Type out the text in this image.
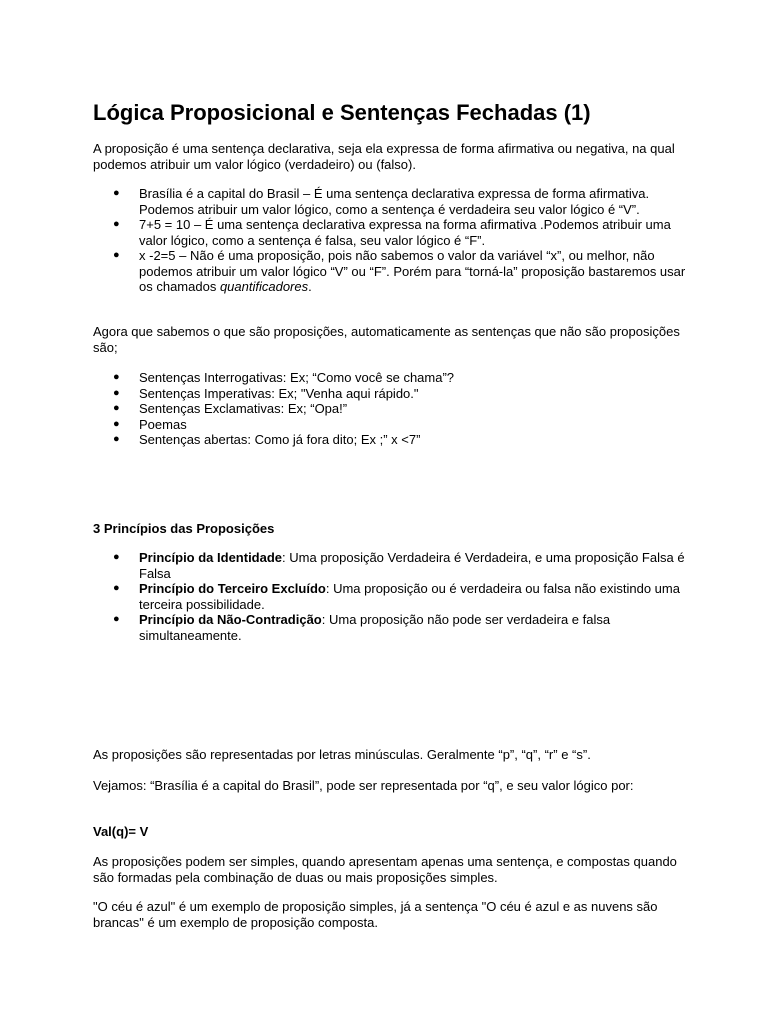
Lógica Proposicional e Sentenças Fechadas (1)

A proposição é uma sentença declarativa, seja ela expressa de forma afirmativa ou negativa, na qual podemos atribuir um valor lógico (verdadeiro) ou (falso).

● Brasília é a capital do Brasil – É uma sentença declarativa expressa de forma afirmativa. Podemos atribuir um valor lógico, como a sentença é verdadeira seu valor lógico é “V”.
● 7+5 = 10 – É uma sentença declarativa expressa na forma afirmativa .Podemos atribuir uma valor lógico, como a sentença é falsa, seu valor lógico é “F”.
● x -2=5 – Não é uma proposição, pois não sabemos o valor da variável “x”, ou melhor, não podemos atribuir um valor lógico “V” ou “F”. Porém para “torná-la” proposição bastaremos usar os chamados quantificadores.

Agora que sabemos o que são proposições, automaticamente as sentenças que não são proposições são;

● Sentenças Interrogativas: Ex; “Como você se chama”?
● Sentenças Imperativas: Ex; "Venha aqui rápido."
● Sentenças Exclamativas: Ex; “Opa!”
● Poemas
● Sentenças abertas: Como já fora dito; Ex ;” x <7”

3 Princípios das Proposições

● Princípio da Identidade: Uma proposição Verdadeira é Verdadeira, e uma proposição Falsa é Falsa
● Princípio do Terceiro Excluído: Uma proposição ou é verdadeira ou falsa não existindo uma terceira possibilidade.
● Princípio da Não-Contradição: Uma proposição não pode ser verdadeira e falsa simultaneamente.

As proposições são representadas por letras minúsculas. Geralmente “p”, “q”, “r” e “s”.

Vejamos: “Brasília é a capital do Brasil”, pode ser representada por “q”, e seu valor lógico por:

Val(q)= V

As proposições podem ser simples, quando apresentam apenas uma sentença, e compostas quando são formadas pela combinação de duas ou mais proposições simples.

"O céu é azul" é um exemplo de proposição simples, já a sentença "O céu é azul e as nuvens são brancas" é um exemplo de proposição composta.
